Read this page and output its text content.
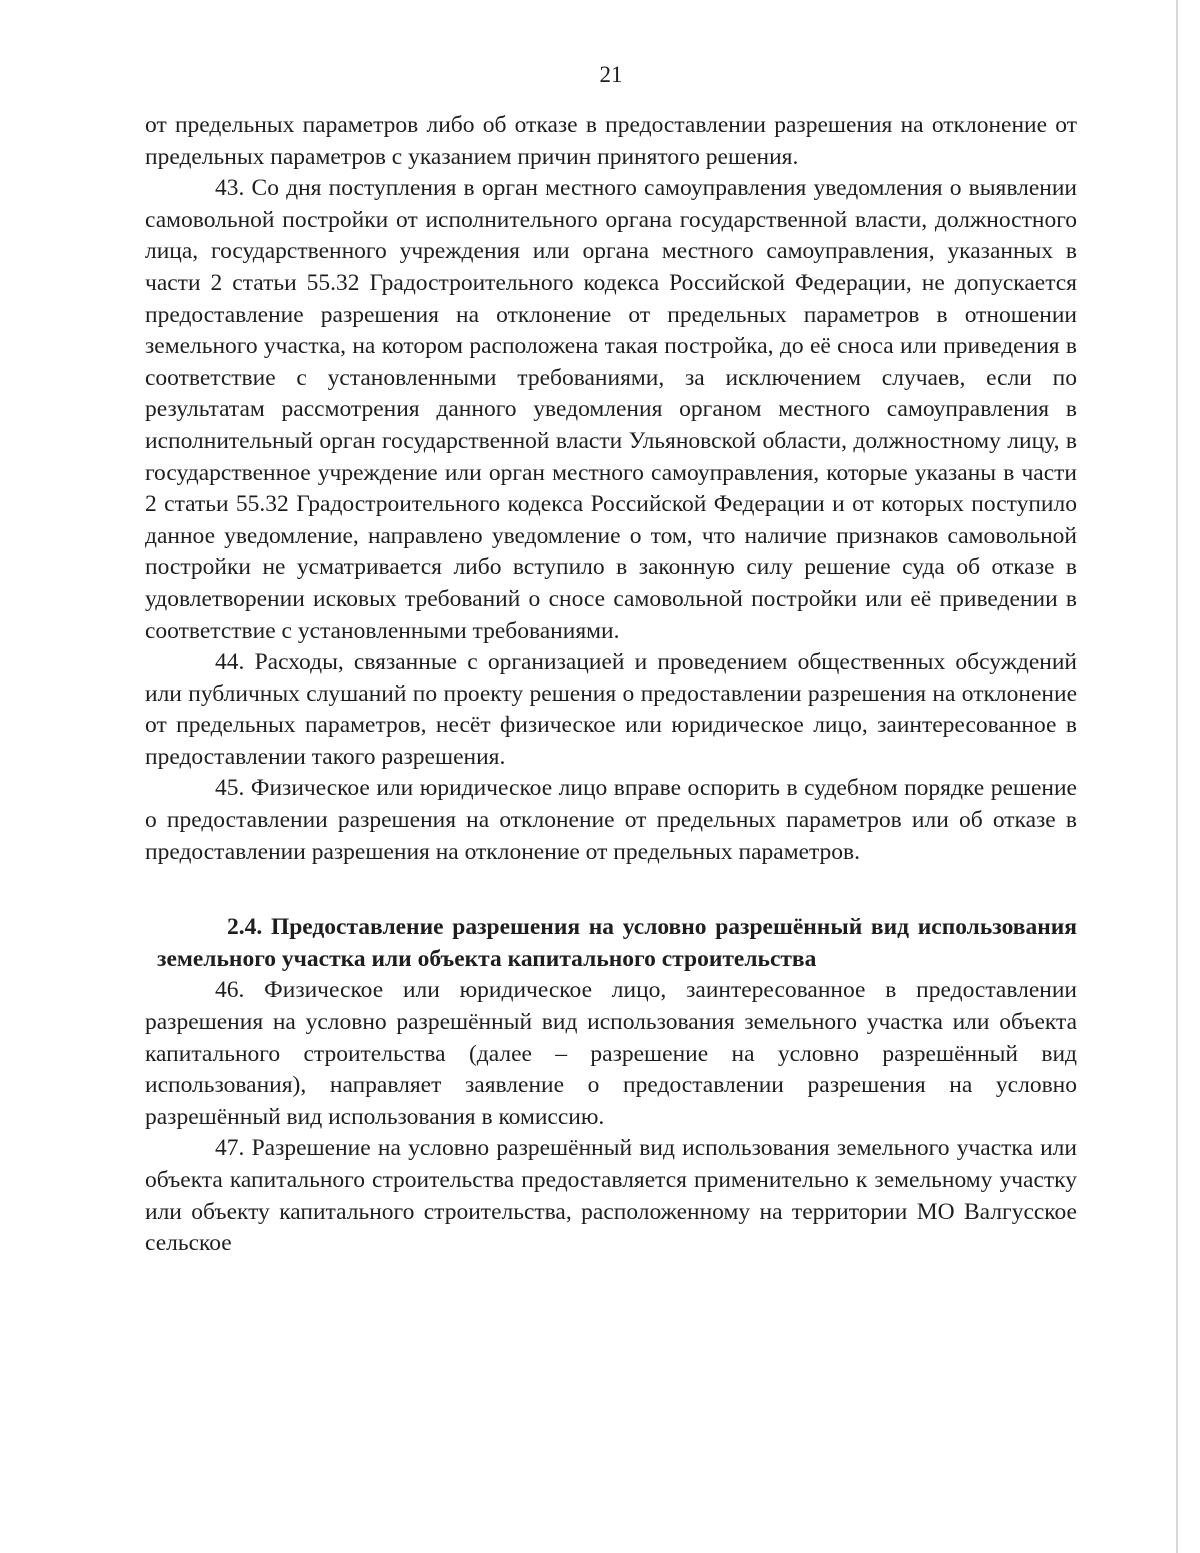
21

от предельных параметров либо об отказе в предоставлении разрешения на отклонение от предельных параметров с указанием причин принятого решения.

43. Со дня поступления в орган местного самоуправления уведомления о выявлении самовольной постройки от исполнительного органа государственной власти, должностного лица, государственного учреждения или органа местного самоуправления, указанных в части 2 статьи 55.32 Градостроительного кодекса Российской Федерации, не допускается предоставление разрешения на отклонение от предельных параметров в отношении земельного участка, на котором расположена такая постройка, до её сноса или приведения в соответствие с установленными требованиями, за исключением случаев, если по результатам рассмотрения данного уведомления органом местного самоуправления в исполнительный орган государственной власти Ульяновской области, должностному лицу, в государственное учреждение или орган местного самоуправления, которые указаны в части 2 статьи 55.32 Градостроительного кодекса Российской Федерации и от которых поступило данное уведомление, направлено уведомление о том, что наличие признаков самовольной постройки не усматривается либо вступило в законную силу решение суда об отказе в удовлетворении исковых требований о сносе самовольной постройки или её приведении в соответствие с установленными требованиями.

44. Расходы, связанные с организацией и проведением общественных обсуждений или публичных слушаний по проекту решения о предоставлении разрешения на отклонение от предельных параметров, несёт физическое или юридическое лицо, заинтересованное в предоставлении такого разрешения.

45. Физическое или юридическое лицо вправе оспорить в судебном порядке решение о предоставлении разрешения на отклонение от предельных параметров или об отказе в предоставлении разрешения на отклонение от предельных параметров.

2.4. Предоставление разрешения на условно разрешённый вид использования земельного участка или объекта капитального строительства

46. Физическое или юридическое лицо, заинтересованное в предоставлении разрешения на условно разрешённый вид использования земельного участка или объекта капитального строительства (далее – разрешение на условно разрешённый вид использования), направляет заявление о предоставлении разрешения на условно разрешённый вид использования в комиссию.

47. Разрешение на условно разрешённый вид использования земельного участка или объекта капитального строительства предоставляется применительно к земельному участку или объекту капитального строительства, расположенному на территории МО Валгусское сельское
